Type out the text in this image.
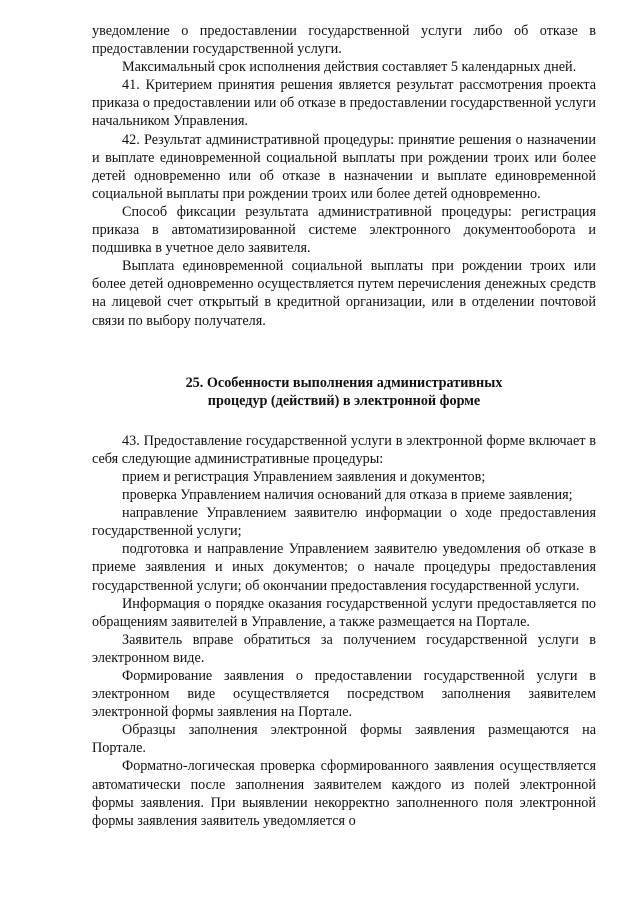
уведомление о предоставлении государственной услуги либо об отказе в предоставлении государственной услуги.

Максимальный срок исполнения действия составляет 5 календарных дней.

41. Критерием принятия решения является результат рассмотрения проекта приказа о предоставлении или об отказе в предоставлении государственной услуги начальником Управления.

42. Результат административной процедуры: принятие решения о назначении и выплате единовременной социальной выплаты при рождении троих или более детей одновременно или об отказе в назначении и выплате единовременной социальной выплаты при рождении троих или более детей одновременно.

Способ фиксации результата административной процедуры: регистрация приказа в автоматизированной системе электронного документооборота и подшивка в учетное дело заявителя.

Выплата единовременной социальной выплаты при рождении троих или более детей одновременно осуществляется путем перечисления денежных средств на лицевой счет открытый в кредитной организации, или в отделении почтовой связи по выбору получателя.

25. Особенности выполнения административных
процедур (действий) в электронной форме

43. Предоставление государственной услуги в электронной форме включает в себя следующие административные процедуры:

прием и регистрация Управлением заявления и документов;

проверка Управлением наличия оснований для отказа в приеме заявления;

направление Управлением заявителю информации о ходе предоставления государственной услуги;

подготовка и направление Управлением заявителю уведомления об отказе в приеме заявления и иных документов; о начале процедуры предоставления государственной услуги; об окончании предоставления государственной услуги.

Информация о порядке оказания государственной услуги предоставляется по обращениям заявителей в Управление, а также размещается на Портале.

Заявитель вправе обратиться за получением государственной услуги в электронном виде.

Формирование заявления о предоставлении государственной услуги в электронном виде осуществляется посредством заполнения заявителем электронной формы заявления на Портале.

Образцы заполнения электронной формы заявления размещаются на Портале.

Форматно-логическая проверка сформированного заявления осуществляется автоматически после заполнения заявителем каждого из полей электронной формы заявления. При выявлении некорректно заполненного поля электронной формы заявления заявитель уведомляется о
